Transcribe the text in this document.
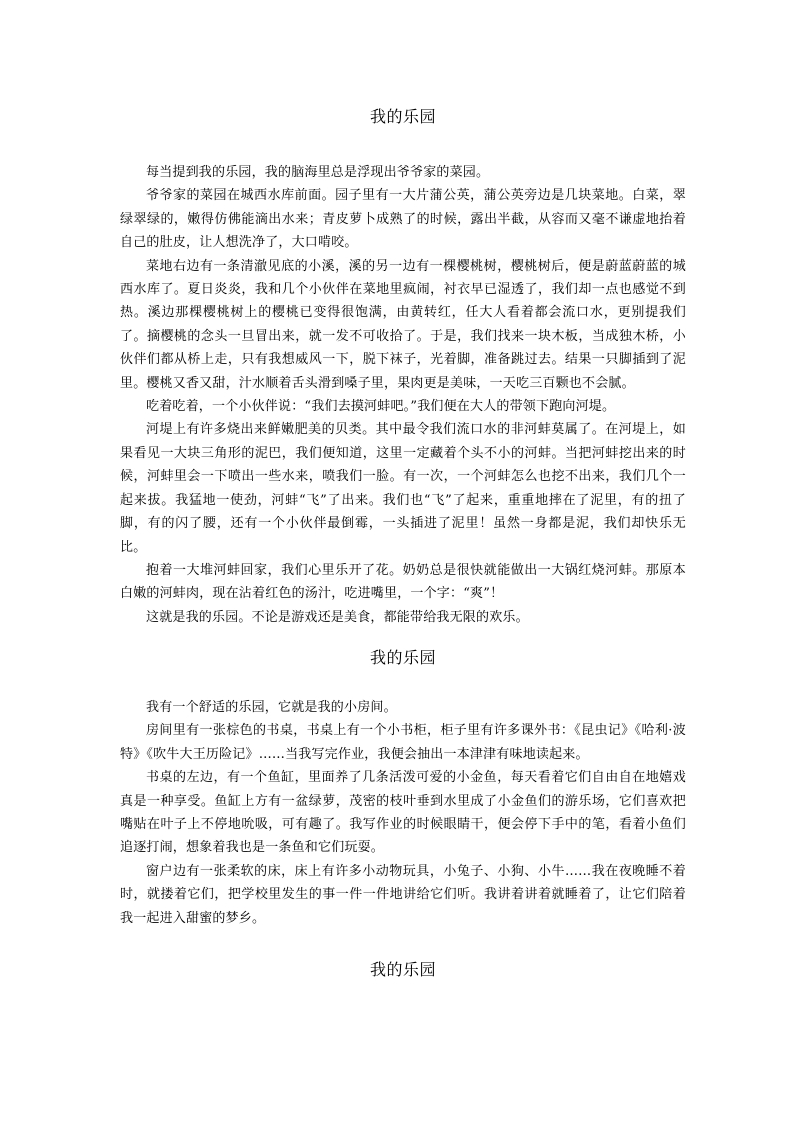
我的乐园

每当提到我的乐园，我的脑海里总是浮现出爷爷家的菜园。

爷爷家的菜园在城西水库前面。园子里有一大片蒲公英，蒲公英旁边是几块菜地。白菜，翠绿翠绿的，嫩得仿佛能滴出水来；青皮萝卜成熟了的时候，露出半截，从容而又毫不谦虚地抬着自己的肚皮，让人想洗净了，大口啃咬。

菜地右边有一条清澈见底的小溪，溪的另一边有一棵樱桃树，樱桃树后，便是蔚蓝蔚蓝的城西水库了。夏日炎炎，我和几个小伙伴在菜地里疯闹，衬衣早已湿透了，我们却一点也感觉不到热。溪边那棵樱桃树上的樱桃已变得很饱满，由黄转红，任大人看着都会流口水，更别提我们了。摘樱桃的念头一旦冒出来，就一发不可收拾了。于是，我们找来一块木板，当成独木桥，小伙伴们都从桥上走，只有我想威风一下，脱下袜子，光着脚，准备跳过去。结果一只脚插到了泥里。樱桃又香又甜，汁水顺着舌头滑到嗓子里，果肉更是美味，一天吃三百颗也不会腻。

吃着吃着，一个小伙伴说：“我们去摸河蚌吧。”我们便在大人的带领下跑向河堤。

河堤上有许多烧出来鲜嫩肥美的贝类。其中最令我们流口水的非河蚌莫属了。在河堤上，如果看见一大块三角形的泥巴，我们便知道，这里一定藏着个头不小的河蚌。当把河蚌挖出来的时候，河蚌里会一下喷出一些水来，喷我们一脸。有一次，一个河蚌怎么也挖不出来，我们几个一起来拔。我猛地一使劲，河蚌“飞”了出来。我们也“飞”了起来，重重地摔在了泥里，有的扭了脚，有的闪了腰，还有一个小伙伴最倒霉，一头插进了泥里！虽然一身都是泥，我们却快乐无比。

抱着一大堆河蚌回家，我们心里乐开了花。奶奶总是很快就能做出一大锅红烧河蚌。那原本白嫩的河蚌肉，现在沾着红色的汤汁，吃进嘴里，一个字：“爽”！

这就是我的乐园。不论是游戏还是美食，都能带给我无限的欢乐。

我的乐园

我有一个舒适的乐园，它就是我的小房间。

房间里有一张棕色的书桌，书桌上有一个小书柜，柜子里有许多课外书：《昆虫记》《哈利·波特》《吹牛大王历险记》……当我写完作业，我便会抽出一本津津有味地读起来。

书桌的左边，有一个鱼缸，里面养了几条活泼可爱的小金鱼，每天看着它们自由自在地嬉戏真是一种享受。鱼缸上方有一盆绿萝，茂密的枝叶垂到水里成了小金鱼们的游乐场，它们喜欢把嘴贴在叶子上不停地吮吸，可有趣了。我写作业的时候眼睛干，便会停下手中的笔，看着小鱼们追逐打闹，想象着我也是一条鱼和它们玩耍。

窗户边有一张柔软的床，床上有许多小动物玩具，小兔子、小狗、小牛……我在夜晚睡不着时，就搂着它们，把学校里发生的事一件一件地讲给它们听。我讲着讲着就睡着了，让它们陪着我一起进入甜蜜的梦乡。

我的乐园
